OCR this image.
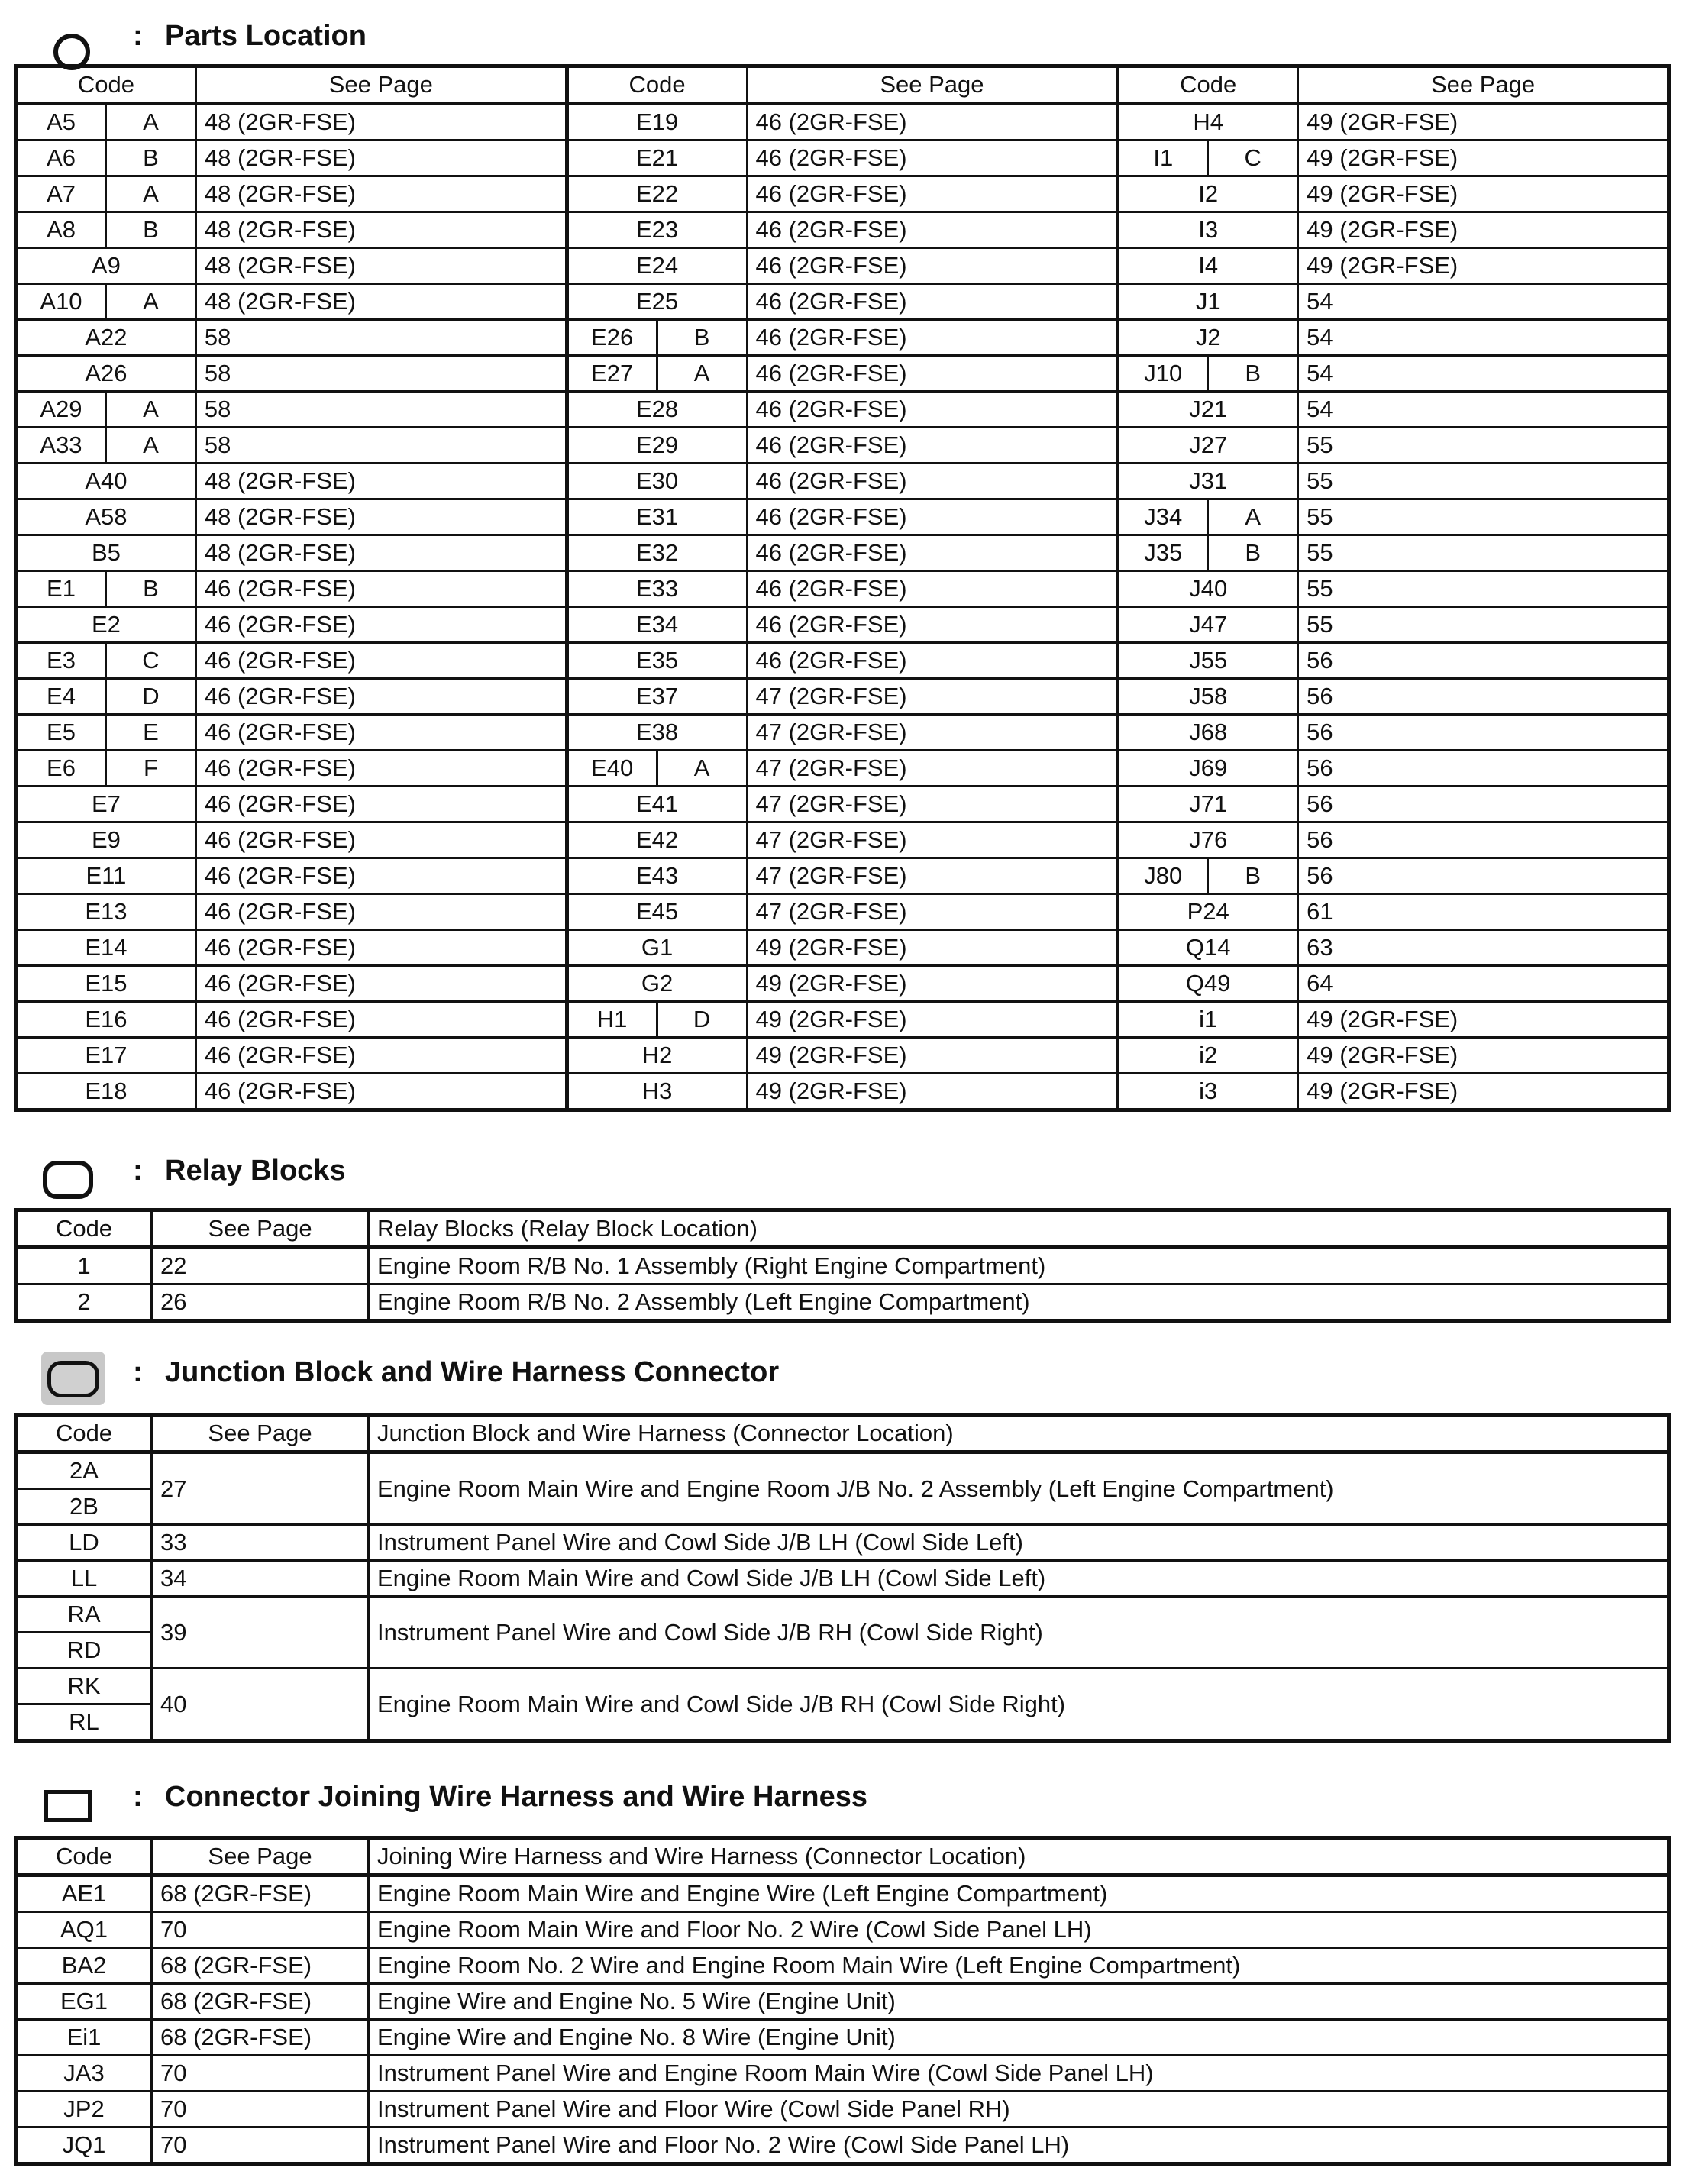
: Parts Location
Code		See Page	Code		See Page	Code		See Page
A5	A	48 (2GR-FSE)	E19		46 (2GR-FSE)	H4		49 (2GR-FSE)
A6	B	48 (2GR-FSE)	E21		46 (2GR-FSE)	I1	C	49 (2GR-FSE)
A7	A	48 (2GR-FSE)	E22		46 (2GR-FSE)	I2		49 (2GR-FSE)
A8	B	48 (2GR-FSE)	E23		46 (2GR-FSE)	I3		49 (2GR-FSE)
A9		48 (2GR-FSE)	E24		46 (2GR-FSE)	I4		49 (2GR-FSE)
A10	A	48 (2GR-FSE)	E25		46 (2GR-FSE)	J1		54
A22		58	E26	B	46 (2GR-FSE)	J2		54
A26		58	E27	A	46 (2GR-FSE)	J10	B	54
A29	A	58	E28		46 (2GR-FSE)	J21		54
A33	A	58	E29		46 (2GR-FSE)	J27		55
A40		48 (2GR-FSE)	E30		46 (2GR-FSE)	J31		55
A58		48 (2GR-FSE)	E31		46 (2GR-FSE)	J34	A	55
B5		48 (2GR-FSE)	E32		46 (2GR-FSE)	J35	B	55
E1	B	46 (2GR-FSE)	E33		46 (2GR-FSE)	J40		55
E2		46 (2GR-FSE)	E34		46 (2GR-FSE)	J47		55
E3	C	46 (2GR-FSE)	E35		46 (2GR-FSE)	J55		56
E4	D	46 (2GR-FSE)	E37		47 (2GR-FSE)	J58		56
E5	E	46 (2GR-FSE)	E38		47 (2GR-FSE)	J68		56
E6	F	46 (2GR-FSE)	E40	A	47 (2GR-FSE)	J69		56
E7		46 (2GR-FSE)	E41		47 (2GR-FSE)	J71		56
E9		46 (2GR-FSE)	E42		47 (2GR-FSE)	J76		56
E11		46 (2GR-FSE)	E43		47 (2GR-FSE)	J80	B	56
E13		46 (2GR-FSE)	E45		47 (2GR-FSE)	P24		61
E14		46 (2GR-FSE)	G1		49 (2GR-FSE)	Q14		63
E15		46 (2GR-FSE)	G2		49 (2GR-FSE)	Q49		64
E16		46 (2GR-FSE)	H1	D	49 (2GR-FSE)	i1		49 (2GR-FSE)
E17		46 (2GR-FSE)	H2		49 (2GR-FSE)	i2		49 (2GR-FSE)
E18		46 (2GR-FSE)	H3		49 (2GR-FSE)	i3		49 (2GR-FSE)
: Relay Blocks
Code	See Page	Relay Blocks (Relay Block Location)
1	22	Engine Room R/B No. 1 Assembly (Right Engine Compartment)
2	26	Engine Room R/B No. 2 Assembly (Left Engine Compartment)
: Junction Block and Wire Harness Connector
Code	See Page	Junction Block and Wire Harness (Connector Location)
2A	27	Engine Room Main Wire and Engine Room J/B No. 2 Assembly (Left Engine Compartment)
2B		
LD	33	Instrument Panel Wire and Cowl Side J/B LH (Cowl Side Left)
LL	34	Engine Room Main Wire and Cowl Side J/B LH (Cowl Side Left)
RA	39	Instrument Panel Wire and Cowl Side J/B RH (Cowl Side Right)
RD		
RK	40	Engine Room Main Wire and Cowl Side J/B RH (Cowl Side Right)
RL		
: Connector Joining Wire Harness and Wire Harness
Code	See Page	Joining Wire Harness and Wire Harness (Connector Location)
AE1	68 (2GR-FSE)	Engine Room Main Wire and Engine Wire (Left Engine Compartment)
AQ1	70	Engine Room Main Wire and Floor No. 2 Wire (Cowl Side Panel LH)
BA2	68 (2GR-FSE)	Engine Room No. 2 Wire and Engine Room Main Wire (Left Engine Compartment)
EG1	68 (2GR-FSE)	Engine Wire and Engine No. 5 Wire (Engine Unit)
Ei1	68 (2GR-FSE)	Engine Wire and Engine No. 8 Wire (Engine Unit)
JA3	70	Instrument Panel Wire and Engine Room Main Wire (Cowl Side Panel LH)
JP2	70	Instrument Panel Wire and Floor Wire (Cowl Side Panel RH)
JQ1	70	Instrument Panel Wire and Floor No. 2 Wire (Cowl Side Panel LH)
